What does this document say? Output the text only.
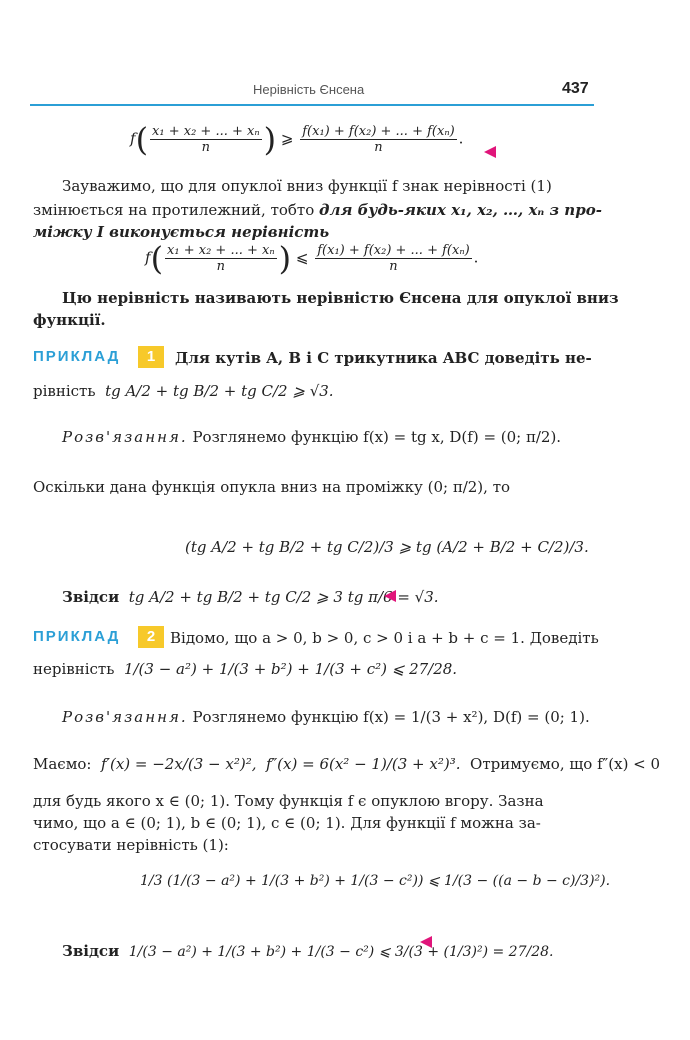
Нерівність Єнсена	437
$f( \frac{\text{x₁ + x₂ + ... + xₙ}}{n}$ ) ⩾ $\frac{\text{f(x₁) + f(x₂) + ... + f(xₙ)}}{n}$ .
Зауважимо, що для опуклої вниз функції f знак нерівності (1)
змінюється на протилежний, тобто для будь-яких x₁, x₂, …, xₙ з про-
міжку I виконується нерівність
$f( \frac{\text{x₁ + x₂ + ... + xₙ}}{n}$ ) ⩽ $\frac{\text{f(x₁) + f(x₂) + ... + f(xₙ)}}{n}$ .
Цю нерівність називають нерівністю Єнсена для опуклої вниз
функції.
ПРИКЛАД	1	Для кутів A, B і C трикутника ABC доведіть не-
рівність tg A/2 + tg B/2 + tg C/2 ⩾ √3.
Розв'язання. Розглянемо функцію f(x) = tg x, D(f) = (0; π/2).
Оскільки дана функція опукла вниз на проміжку (0; π/2), то
(tg A/2 + tg B/2 + tg C/2)/3 ⩾ tg (A/2 + B/2 + C/2)/3.
Звідси tg A/2 + tg B/2 + tg C/2 ⩾ 3 tg π/6 = √3.
ПРИКЛАД	2 Відомо, що a > 0, b > 0, c > 0 і a + b + c = 1. Доведіть
нерівність 1/(3 − a²) + 1/(3 + b²) + 1/(3 + c²) ⩽ 27/28.
Розв'язання. Розглянемо функцію f(x) = 1/(3 + x²), D(f) = (0; 1).
Маємо: f′(x) = −2x/(3 − x²)², f″(x) = 6(x² − 1)/(3 + x²)³. Отримуємо, що f″(x) < 0
для будь якого x ∈ (0; 1). Тому функція f є опуклою вгору. Зазна
чимо, що a ∈ (0; 1), b ∈ (0; 1), c ∈ (0; 1). Для функції f можна за-
стосувати нерівність (1):
1/3 (1/(3 − a²) + 1/(3 + b²) + 1/(3 − c²)) ⩽ 1/(3 − ((a − b − c)/3)²).
Звідси 1/(3 − a²) + 1/(3 + b²) + 1/(3 − c²) ⩽ 3/(3 + (1/3)²) = 27/28.
